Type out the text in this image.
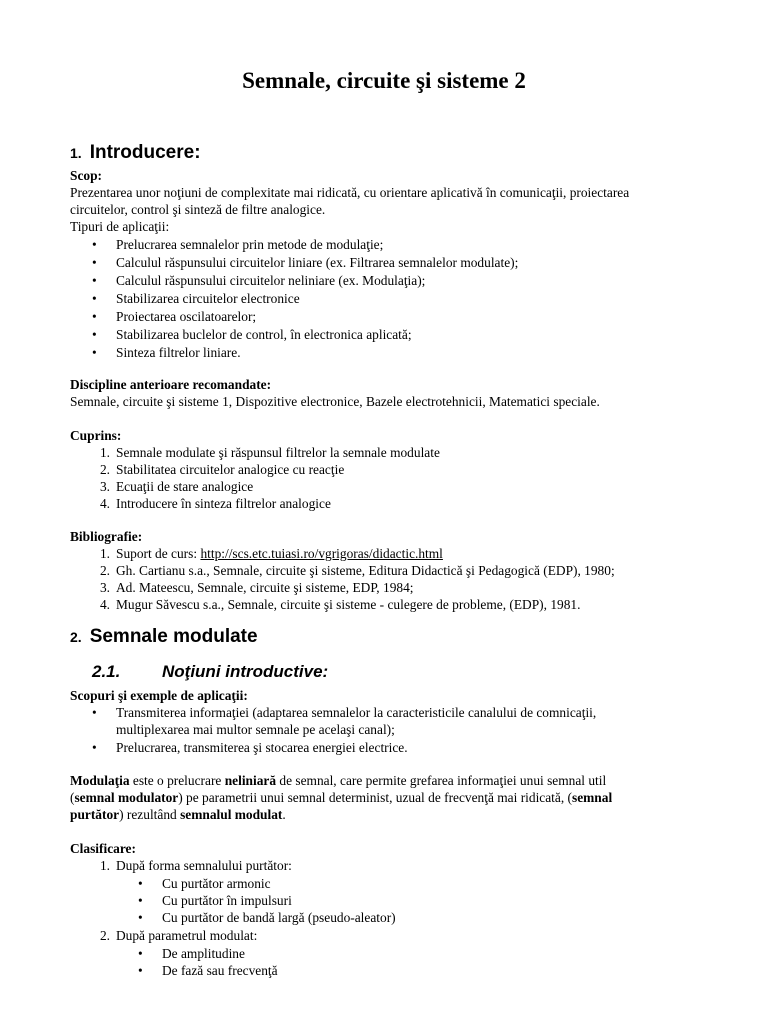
Semnale, circuite şi sisteme 2
1. Introducere:
Scop:
Prezentarea unor noţiuni de complexitate mai ridicată, cu orientare aplicativă în comunicaţii, proiectarea
circuitelor, control şi sinteză de filtre analogice.
Tipuri de aplicaţii:
• Prelucrarea semnalelor prin metode de modulaţie;
• Calculul răspunsului circuitelor liniare (ex. Filtrarea semnalelor modulate);
• Calculul răspunsului circuitelor neliniare (ex. Modulaţia);
• Stabilizarea circuitelor electronice
• Proiectarea oscilatoarelor;
• Stabilizarea buclelor de control, în electronica aplicată;
• Sinteza filtrelor liniare.
Discipline anterioare recomandate:
Semnale, circuite şi sisteme 1, Dispozitive electronice, Bazele electrotehnicii, Matematici speciale.
Cuprins:
1. Semnale modulate şi răspunsul filtrelor la semnale modulate
2. Stabilitatea circuitelor analogice cu reacţie
3. Ecuaţii de stare analogice
4. Introducere în sinteza filtrelor analogice
Bibliografie:
1. Suport de curs: http://scs.etc.tuiasi.ro/vgrigoras/didactic.html
2. Gh. Cartianu s.a., Semnale, circuite şi sisteme, Editura Didactică şi Pedagogică (EDP), 1980;
3. Ad. Mateescu, Semnale, circuite şi sisteme, EDP, 1984;
4. Mugur Săvescu s.a., Semnale, circuite şi sisteme - culegere de probleme, (EDP), 1981.
2. Semnale modulate
2.1. Noţiuni introductive:
Scopuri şi exemple de aplicaţii:
• Transmiterea informaţiei (adaptarea semnalelor la caracteristicile canalului de comnicaţii,
multiplexarea mai multor semnale pe acelaşi canal);
• Prelucrarea, transmiterea şi stocarea energiei electrice.
Modulaţia este o prelucrare neliniară de semnal, care permite grefarea informaţiei unui semnal util
(semnal modulator) pe parametrii unui semnal determinist, uzual de frecvenţă mai ridicată, (semnal
purtător) rezultând semnalul modulat.
Clasificare:
1. După forma semnalului purtător:
• Cu purtător armonic
• Cu purtător în impulsuri
• Cu purtător de bandă largă (pseudo-aleator)
2. După parametrul modulat:
• De amplitudine
• De fază sau frecvenţă
